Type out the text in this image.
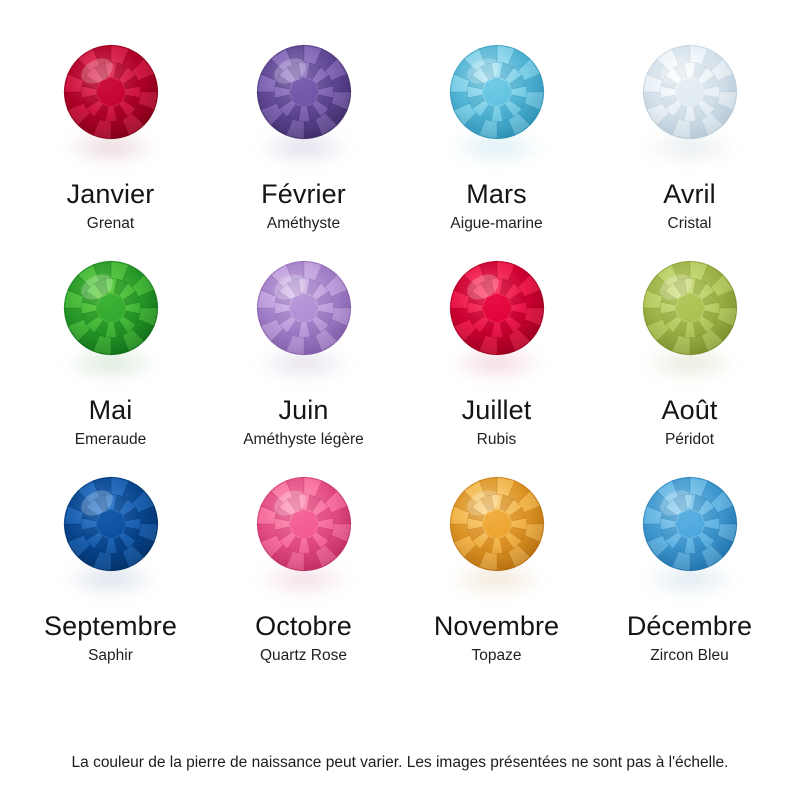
Janvier
Grenat
Février
Améthyste
Mars
Aigue-marine
Avril
Cristal
Mai
Emeraude
Juin
Améthyste légère
Juillet
Rubis
Août
Péridot
Septembre
Saphir
Octobre
Quartz Rose
Novembre
Topaze
Décembre
Zircon Bleu
La couleur de la pierre de naissance peut varier. Les images présentées ne sont pas à l'échelle.
